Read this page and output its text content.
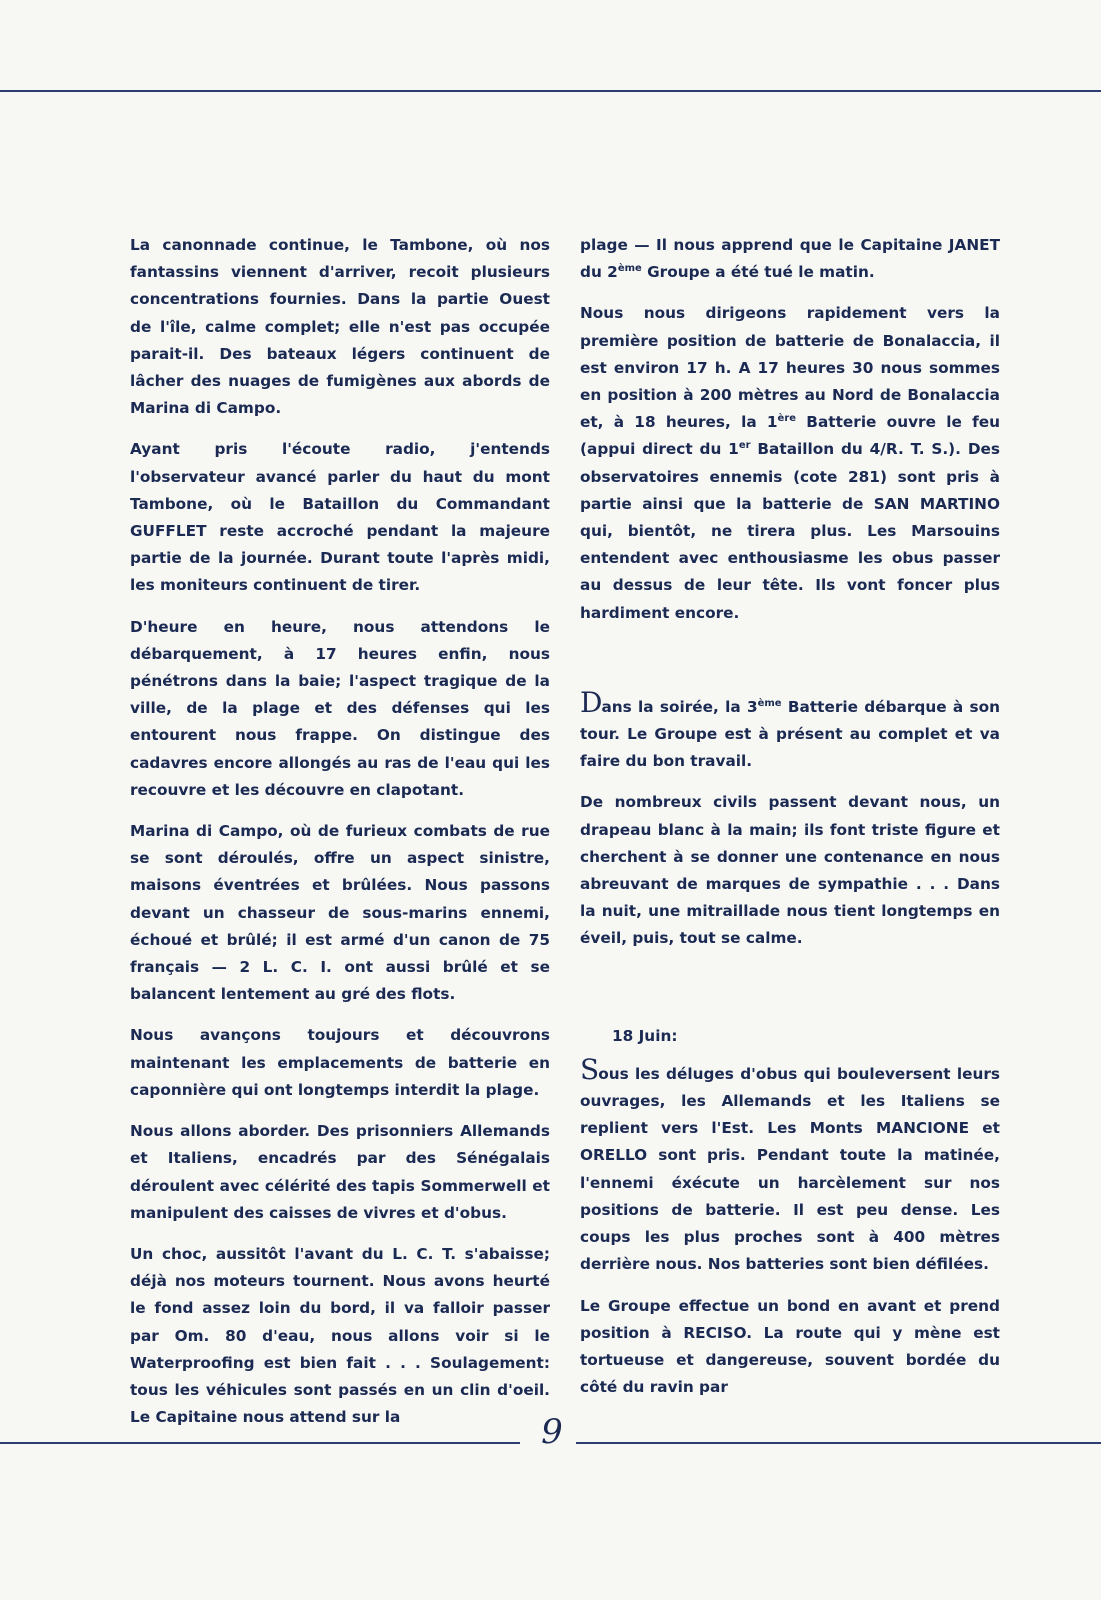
La canonnade continue, le Tambone, où nos fantassins viennent d'arriver, recoit plusieurs concentrations fournies. Dans la partie Ouest de l'île, calme complet; elle n'est pas occupée parait-il. Des bateaux légers continuent de lâcher des nuages de fumigènes aux abords de Marina di Campo.

Ayant pris l'écoute radio, j'entends l'observateur avancé parler du haut du mont Tambone, où le Bataillon du Commandant GUFFLET reste accroché pendant la majeure partie de la journée. Durant toute l'après midi, les moniteurs continuent de tirer.

D'heure en heure, nous attendons le débarquement, à 17 heures enfin, nous pénétrons dans la baie; l'aspect tragique de la ville, de la plage et des défenses qui les entourent nous frappe. On distingue des cadavres encore allongés au ras de l'eau qui les recouvre et les découvre en clapotant.

Marina di Campo, où de furieux combats de rue se sont déroulés, offre un aspect sinistre, maisons éventrées et brûlées. Nous passons devant un chasseur de sous-marins ennemi, échoué et brûlé; il est armé d'un canon de 75 français — 2 L. C. I. ont aussi brûlé et se balancent lentement au gré des flots.

Nous avançons toujours et découvrons maintenant les emplacements de batterie en caponnière qui ont longtemps interdit la plage.

Nous allons aborder. Des prisonniers Allemands et Italiens, encadrés par des Sénégalais déroulent avec célérité des tapis Sommerwell et manipulent des caisses de vivres et d'obus.

Un choc, aussitôt l'avant du L. C. T. s'abaisse; déjà nos moteurs tournent. Nous avons heurté le fond assez loin du bord, il va falloir passer par Om. 80 d'eau, nous allons voir si le Waterproofing est bien fait . . . Soulagement: tous les véhicules sont passés en un clin d'oeil. Le Capitaine nous attend sur la

plage — Il nous apprend que le Capitaine JANET du 2ème Groupe a été tué le matin.

Nous nous dirigeons rapidement vers la première position de batterie de Bonalaccia, il est environ 17 h. A 17 heures 30 nous sommes en position à 200 mètres au Nord de Bonalaccia et, à 18 heures, la 1ère Batterie ouvre le feu (appui direct du 1er Bataillon du 4/R. T. S.). Des observatoires ennemis (cote 281) sont pris à partie ainsi que la batterie de SAN MARTINO qui, bientôt, ne tirera plus. Les Marsouins entendent avec enthousiasme les obus passer au dessus de leur tête. Ils vont foncer plus hardiment encore.

Dans la soirée, la 3ème Batterie débarque à son tour. Le Groupe est à présent au complet et va faire du bon travail.

De nombreux civils passent devant nous, un drapeau blanc à la main; ils font triste figure et cherchent à se donner une contenance en nous abreuvant de marques de sympathie . . . Dans la nuit, une mitraillade nous tient longtemps en éveil, puis, tout se calme.

18 Juin:

Sous les déluges d'obus qui bouleversent leurs ouvrages, les Allemands et les Italiens se replient vers l'Est. Les Monts MANCIONE et ORELLO sont pris. Pendant toute la matinée, l'ennemi éxécute un harcèlement sur nos positions de batterie. Il est peu dense. Les coups les plus proches sont à 400 mètres derrière nous. Nos batteries sont bien défilées.

Le Groupe effectue un bond en avant et prend position à RECISO. La route qui y mène est tortueuse et dangereuse, souvent bordée du côté du ravin par

9
